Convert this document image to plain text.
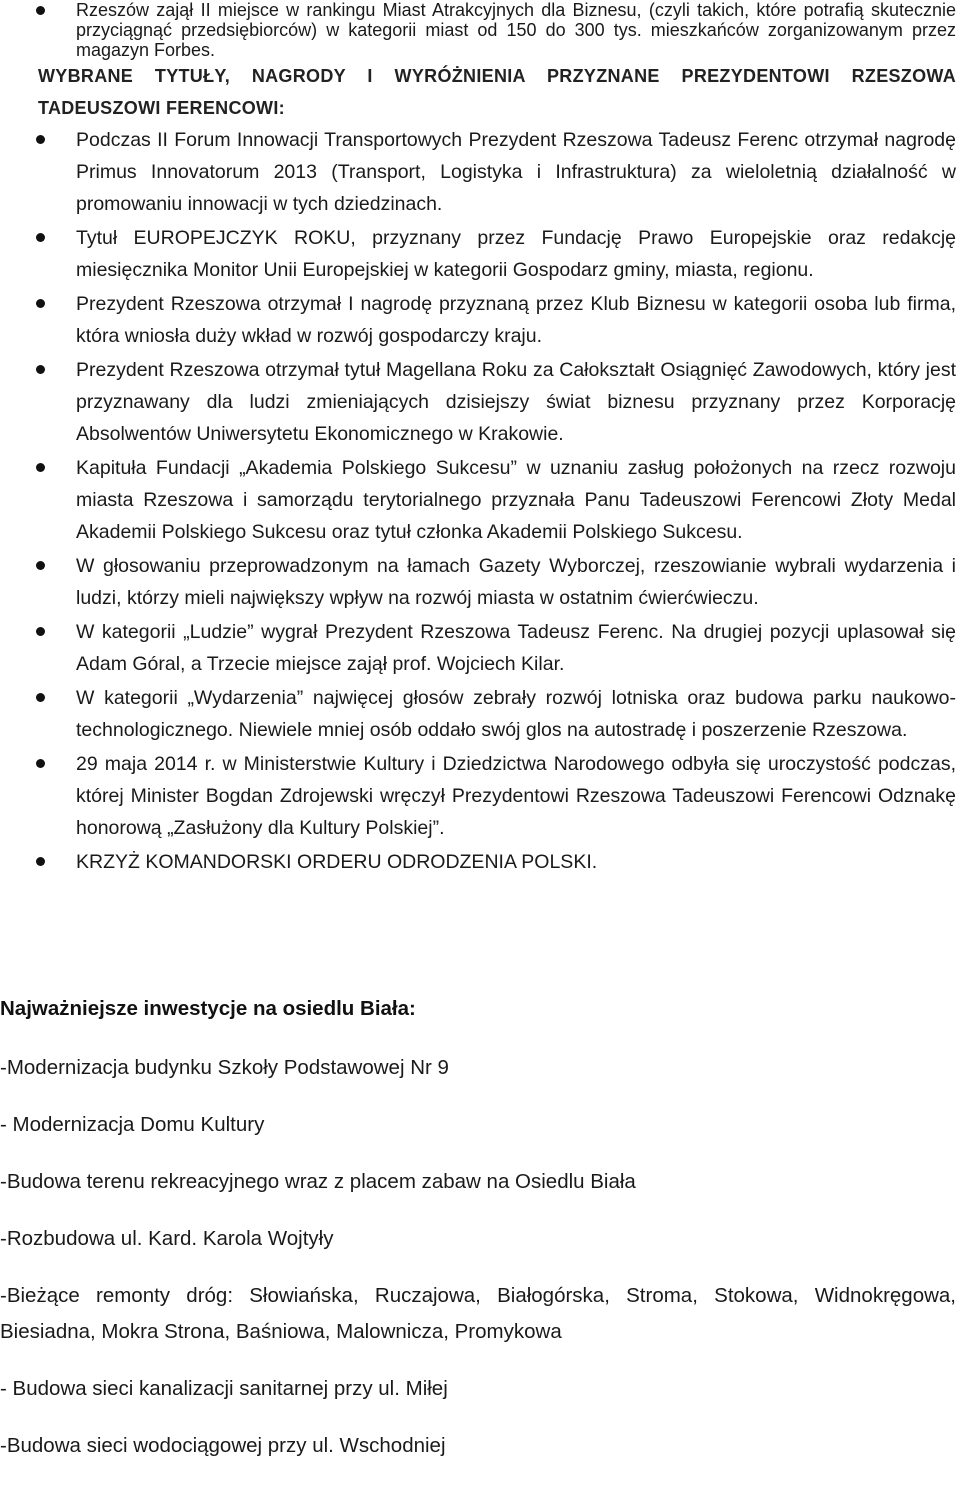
Rzeszów zajął II miejsce w rankingu Miast Atrakcyjnych dla Biznesu, (czyli takich, które potrafią skutecznie przyciągnąć przedsiębiorców) w kategorii miast od 150 do 300 tys. mieszkańców zorganizowanym przez magazyn Forbes.

WYBRANE TYTUŁY, NAGRODY I WYRÓŻNIENIA PRZYZNANE PREZYDENTOWI RZESZOWA TADEUSZOWI FERENCOWI:

Podczas II Forum Innowacji Transportowych Prezydent Rzeszowa Tadeusz Ferenc otrzymał nagrodę Primus Innovatorum 2013 (Transport, Logistyka i Infrastruktura) za wieloletnią działalność w promowaniu innowacji w tych dziedzinach.
Tytuł EUROPEJCZYK ROKU, przyznany przez Fundację Prawo Europejskie oraz redakcję miesięcznika Monitor Unii Europejskiej w kategorii Gospodarz gminy, miasta, regionu.
Prezydent Rzeszowa otrzymał I nagrodę przyznaną przez Klub Biznesu w kategorii osoba lub firma, która wniosła duży wkład w rozwój gospodarczy kraju.
Prezydent Rzeszowa otrzymał tytuł Magellana Roku za Całokształt Osiągnięć Zawodowych, który jest przyznawany dla ludzi zmieniających dzisiejszy świat biznesu przyznany przez Korporację Absolwentów Uniwersytetu Ekonomicznego w Krakowie.
Kapituła Fundacji „Akademia Polskiego Sukcesu” w uznaniu zasług położonych na rzecz rozwoju miasta Rzeszowa i samorządu terytorialnego przyznała Panu Tadeuszowi Ferencowi Złoty Medal Akademii Polskiego Sukcesu oraz tytuł członka Akademii Polskiego Sukcesu.
W głosowaniu przeprowadzonym na łamach Gazety Wyborczej, rzeszowianie wybrali wydarzenia i ludzi, którzy mieli największy wpływ na rozwój miasta w ostatnim ćwierćwieczu.
W kategorii „Ludzie” wygrał Prezydent Rzeszowa Tadeusz Ferenc. Na drugiej pozycji uplasował się Adam Góral, a Trzecie miejsce zajął prof. Wojciech Kilar.
W kategorii „Wydarzenia” najwięcej głosów zebrały rozwój lotniska oraz budowa parku naukowo-technologicznego. Niewiele mniej osób oddało swój glos na autostradę i poszerzenie Rzeszowa.
29 maja 2014 r. w Ministerstwie Kultury i Dziedzictwa Narodowego odbyła się uroczystość podczas, której Minister Bogdan Zdrojewski wręczył Prezydentowi Rzeszowa Tadeuszowi Ferencowi Odznakę honorową „Zasłużony dla Kultury Polskiej”.
KRZYŻ KOMANDORSKI ORDERU ODRODZENIA POLSKI.
Najważniejsze inwestycje na osiedlu Biała:
-Modernizacja budynku Szkoły Podstawowej Nr 9
- Modernizacja Domu Kultury
-Budowa terenu rekreacyjnego wraz z placem zabaw na Osiedlu Biała
-Rozbudowa ul. Kard. Karola Wojtyły
-Bieżące remonty dróg: Słowiańska, Ruczajowa, Białogórska, Stroma, Stokowa, Widnokręgowa, Biesiadna, Mokra Strona, Baśniowa, Malownicza, Promykowa
- Budowa sieci kanalizacji sanitarnej przy ul. Miłej
-Budowa sieci wodociągowej przy ul. Wschodniej
